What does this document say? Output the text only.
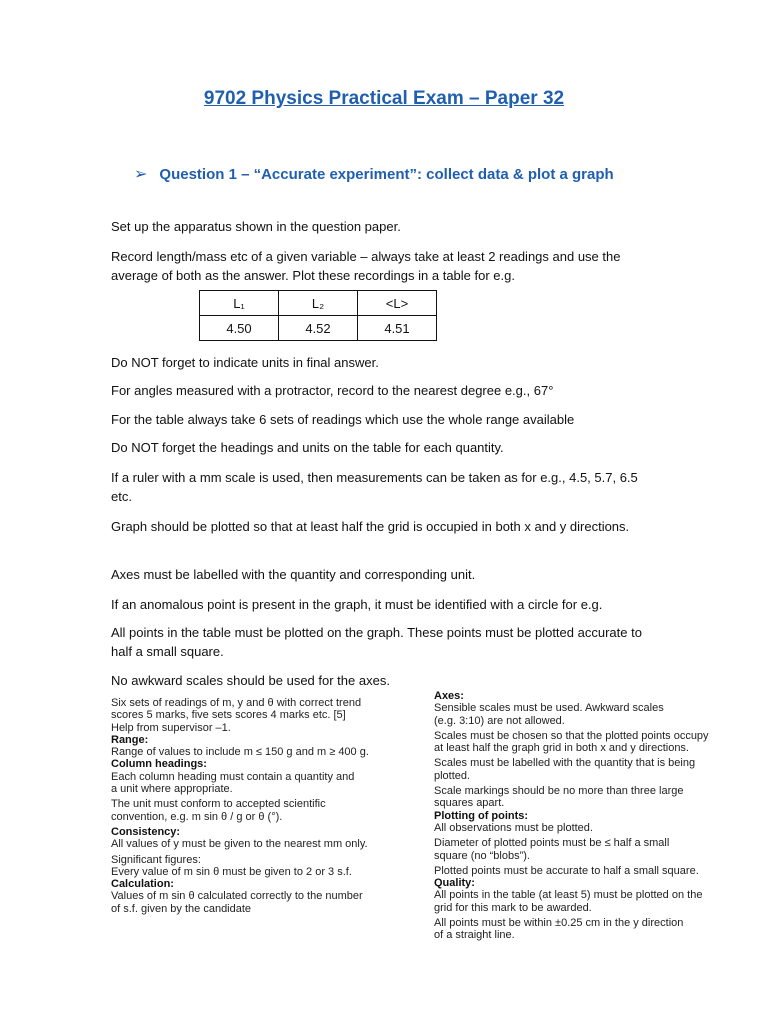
9702 Physics Practical Exam – Paper 32
➢ Question 1 – “Accurate experiment”: collect data & plot a graph
Set up the apparatus shown in the question paper.
Record length/mass etc of a given variable – always take at least 2 readings and use the average of both as the answer. Plot these recordings in a table for e.g.
L₁	L₂	<L>
4.50	4.52	4.51
Do NOT forget to indicate units in final answer.
For angles measured with a protractor, record to the nearest degree e.g., 67°
For the table always take 6 sets of readings which use the whole range available
Do NOT forget the headings and units on the table for each quantity.
If a ruler with a mm scale is used, then measurements can be taken as for e.g., 4.5, 5.7, 6.5 etc.
Graph should be plotted so that at least half the grid is occupied in both x and y directions.
Axes must be labelled with the quantity and corresponding unit.
If an anomalous point is present in the graph, it must be identified with a circle for e.g.
All points in the table must be plotted on the graph. These points must be plotted accurate to half a small square.
No awkward scales should be used for the axes.
Six sets of readings of m, y and θ with correct trend
scores 5 marks, five sets scores 4 marks etc. [5]
Help from supervisor –1.
Range:
Range of values to include m ≤ 150 g and m ≥ 400 g.
Column headings:
Each column heading must contain a quantity and
a unit where appropriate.
The unit must conform to accepted scientific
convention, e.g. m sin θ / g or θ (°).
Consistency:
All values of y must be given to the nearest mm only.
Significant figures:
Every value of m sin θ must be given to 2 or 3 s.f.
Calculation:
Values of m sin θ calculated correctly to the number
of s.f. given by the candidate
Axes:
Sensible scales must be used. Awkward scales
(e.g. 3:10) are not allowed.
Scales must be chosen so that the plotted points occupy
at least half the graph grid in both x and y directions.
Scales must be labelled with the quantity that is being
plotted.
Scale markings should be no more than three large
squares apart.
Plotting of points:
All observations must be plotted.
Diameter of plotted points must be ≤ half a small
square (no “blobs”).
Plotted points must be accurate to half a small square.
Quality:
All points in the table (at least 5) must be plotted on the
grid for this mark to be awarded.
All points must be within ±0.25 cm in the y direction
of a straight line.
